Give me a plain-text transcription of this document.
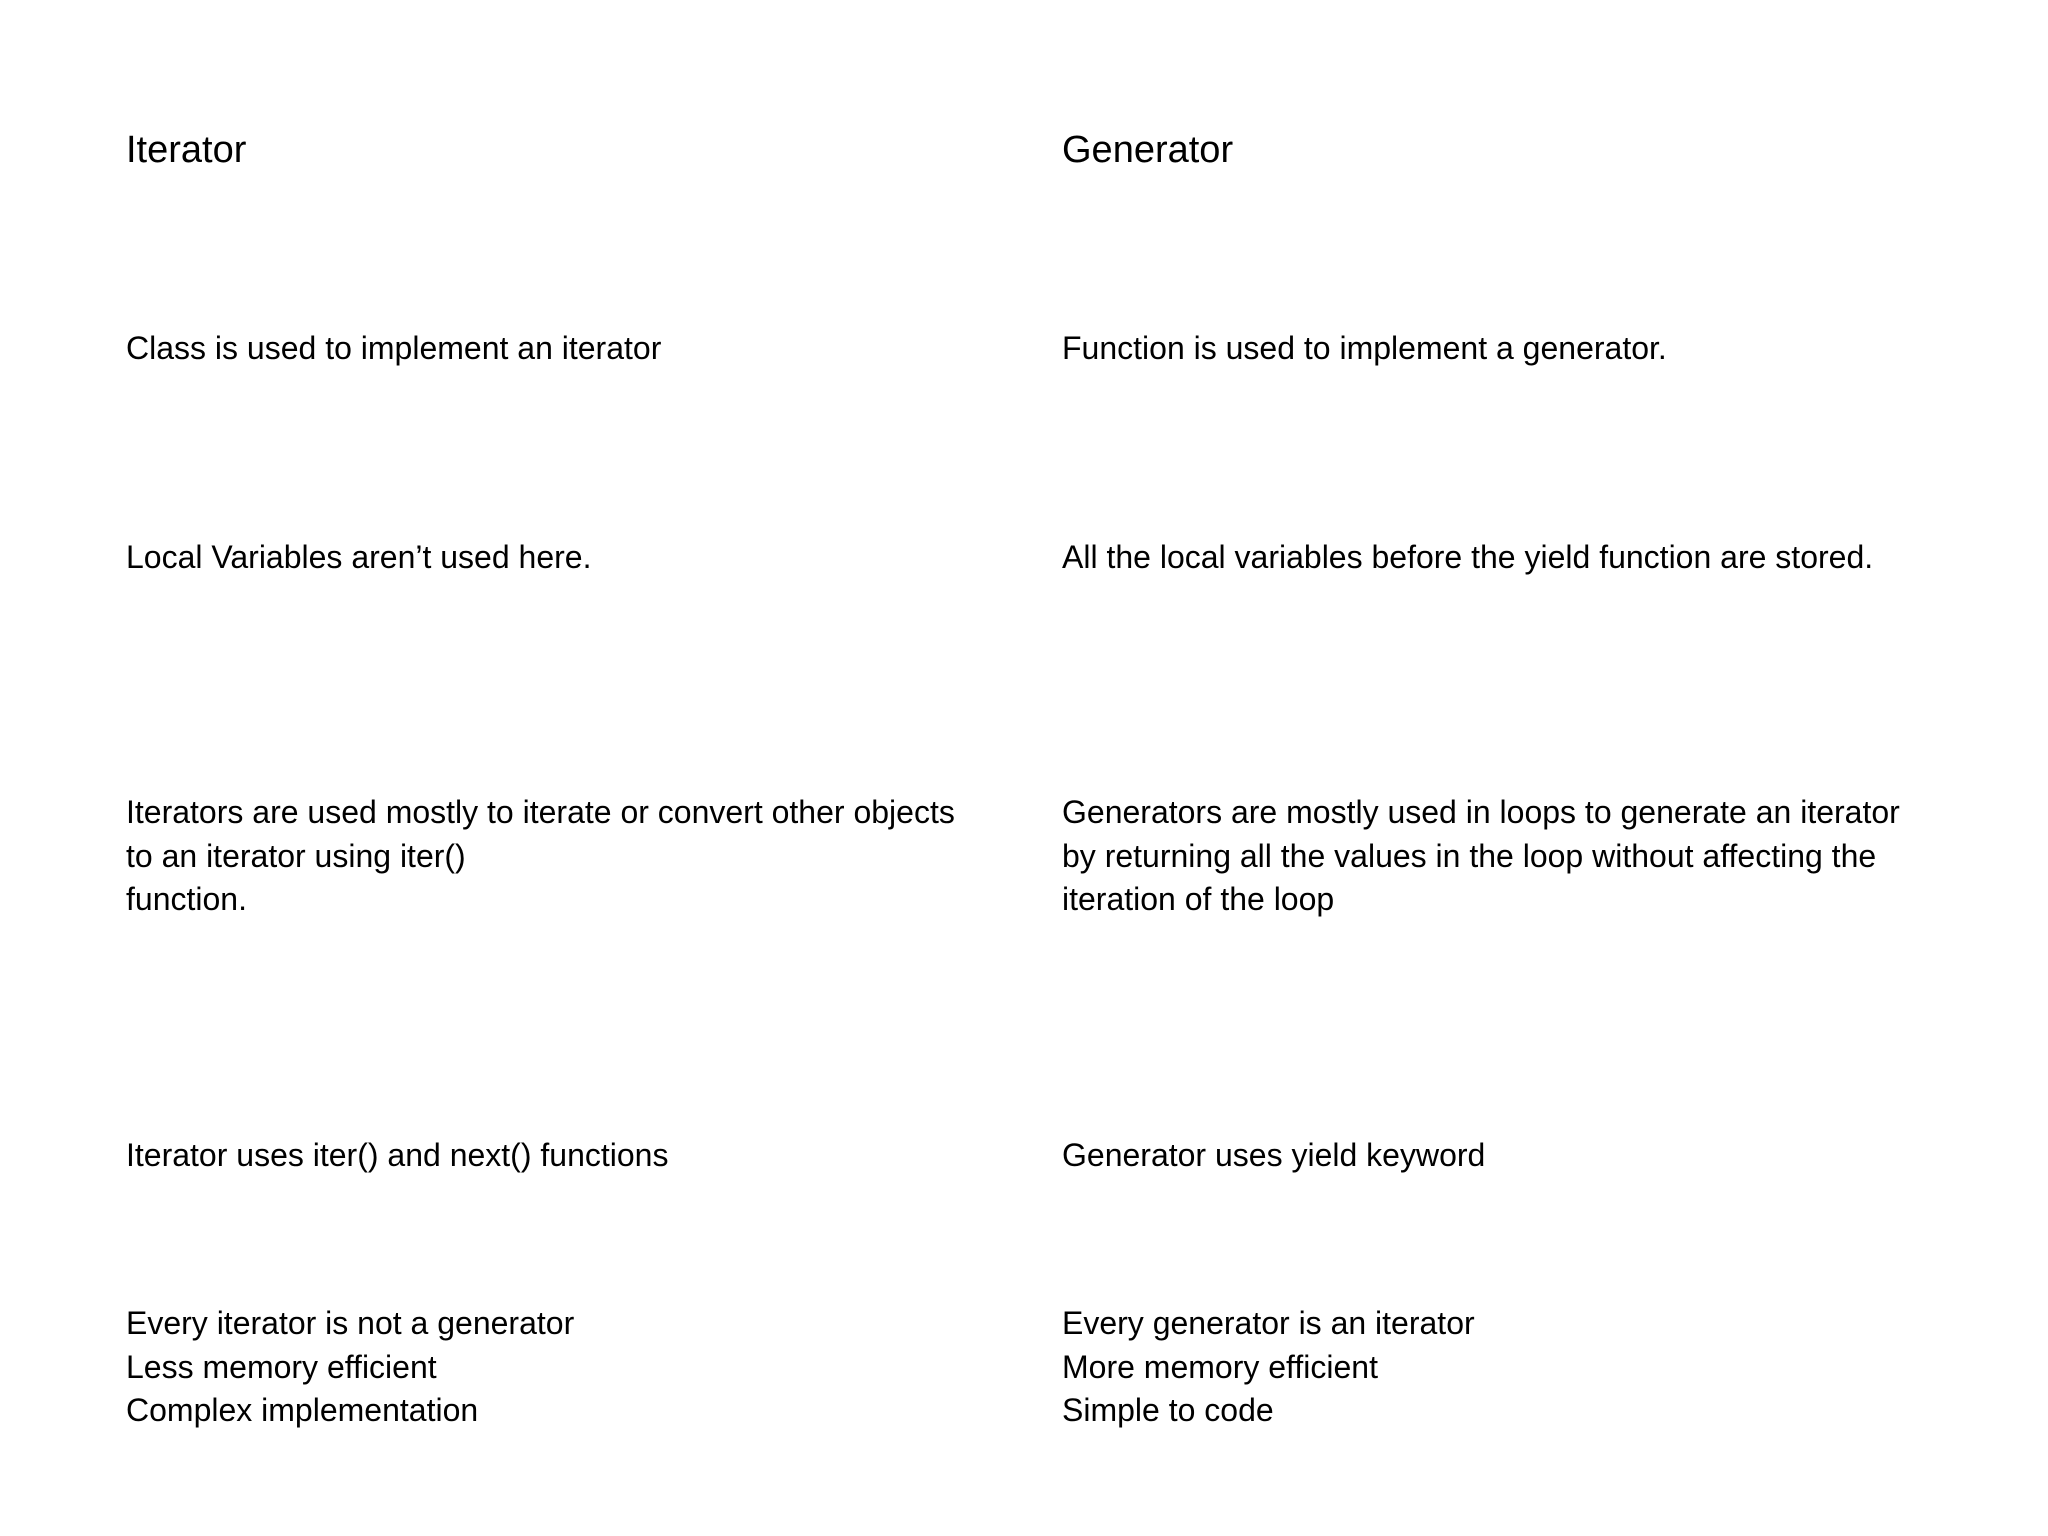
Iterator
Class is used to implement an iterator
Local Variables aren’t used here.
Iterators are used mostly to iterate or convert other objects
to an iterator using iter()
function.
Iterator uses iter() and next() functions
Every iterator is not a generator
Less memory efficient
Complex implementation
Generator
Function is used to implement a generator.
All the local variables before the yield function are stored.
Generators are mostly used in loops to generate an iterator
by returning all the values in the loop without affecting the
iteration of the loop
Generator uses yield keyword
Every generator is an iterator
More memory efficient
Simple to code
